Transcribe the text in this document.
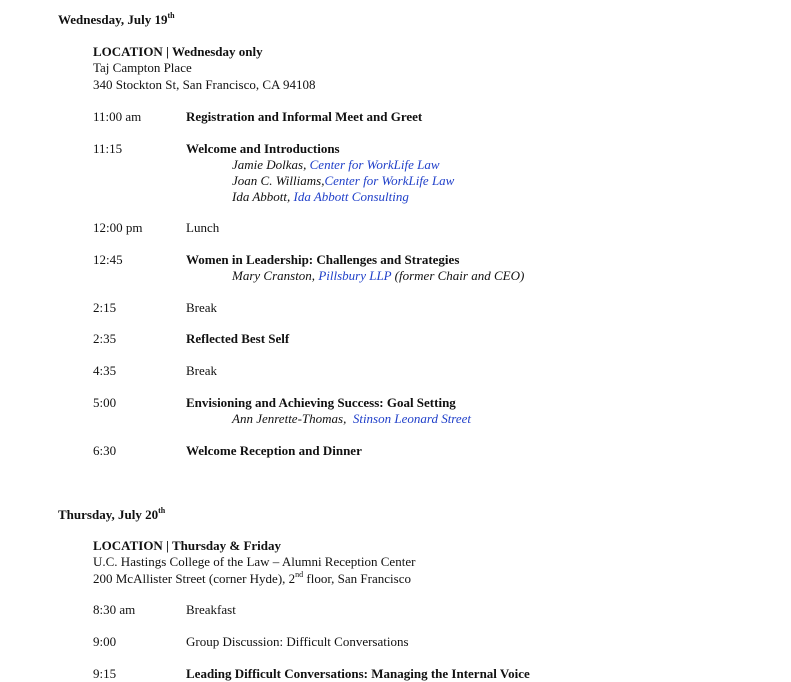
Wednesday, July 19th
LOCATION | Wednesday only
Taj Campton Place
340 Stockton St, San Francisco, CA 94108
11:00 am	Registration and Informal Meet and Greet
11:15	Welcome and Introductions
Jamie Dolkas, Center for WorkLife Law
Joan C. Williams,Center for WorkLife Law
Ida Abbott, Ida Abbott Consulting
12:00 pm	Lunch
12:45	Women in Leadership: Challenges and Strategies
Mary Cranston, Pillsbury LLP (former Chair and CEO)
2:15	Break
2:35	Reflected Best Self
4:35	Break
5:00	Envisioning and Achieving Success: Goal Setting
Ann Jenrette-Thomas, Stinson Leonard Street
6:30	Welcome Reception and Dinner
Thursday, July 20th
LOCATION | Thursday & Friday
U.C. Hastings College of the Law – Alumni Reception Center
200 McAllister Street (corner Hyde), 2nd floor, San Francisco
8:30 am	Breakfast
9:00	Group Discussion: Difficult Conversations
9:15	Leading Difficult Conversations: Managing the Internal Voice
